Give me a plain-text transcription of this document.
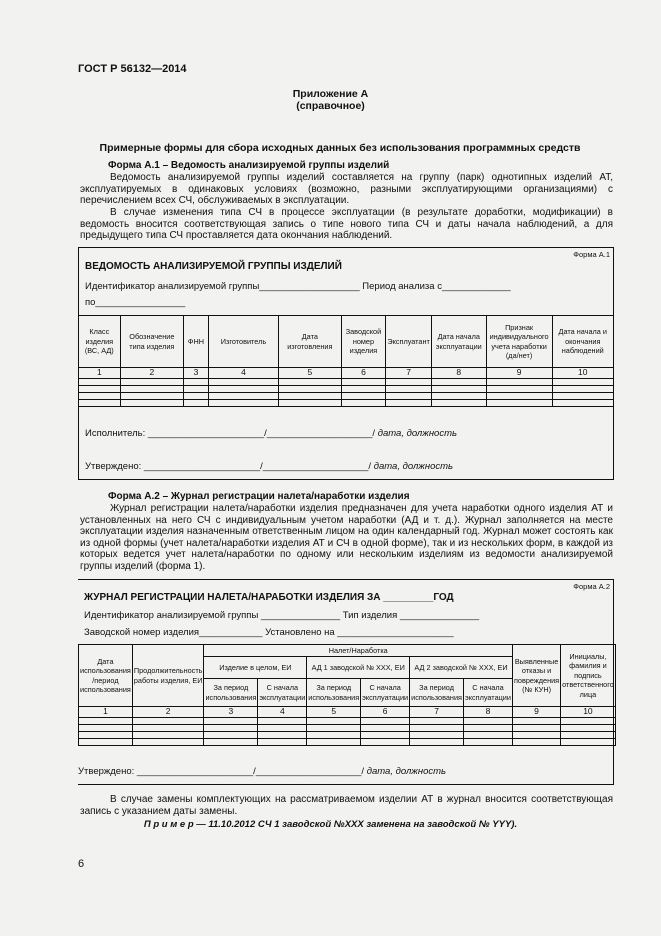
ГОСТ Р 56132—2014
Приложение А
(справочное)
Примерные формы для сбора исходных данных без использования программных средств
Форма А.1 – Ведомость анализируемой группы изделий
Ведомость анализируемой группы изделий составляется на группу (парк) однотипных изделий АТ, эксплуатируемых в одинаковых условиях (возможно, разными эксплуатирующими организациями) с перечислением всех СЧ, обслуживаемых в эксплуатации.
В случае изменения типа СЧ в процессе эксплуатации (в результате доработки, модификации) в ведомость вносится соответствующая запись о типе нового типа СЧ и даты начала наблюдений, а для предыдущего типа СЧ проставляется дата окончания наблюдений.
Форма А.1
ВЕДОМОСТЬ АНАЛИЗИРУЕМОЙ ГРУППЫ ИЗДЕЛИЙ
Идентификатор анализируемой группы___________________ Период анализа с_____________
по_________________
Класс изделия (ВС, АД)	Обозначение типа изделия	ФНН	Изготовитель	Дата изготовления	Заводской номер изделия	Эксплуатант	Дата начала эксплуатации	Признак индивидуального учета наработки (да/нет)	Дата начала и окончания наблюдений
1	2	3	4	5	6	7	8	9	10

Исполнитель: ______________________/____________________/ дата, должность
Утверждено: ______________________/____________________/ дата, должность
Форма А.2 – Журнал регистрации налета/наработки изделия
Журнал регистрации налета/наработки изделия предназначен для учета наработки одного изделия АТ и установленных на него СЧ с индивидуальным учетом наработки (АД и т. д.). Журнал заполняется на месте эксплуатации изделия назначенным ответственным лицом на один календарный год. Журнал может состоять как из одной формы (учет налета/наработки изделия АТ и СЧ в одной форме), так и из нескольких форм, в каждой из которых ведется учет налета/наработки по одному или нескольким изделиям из ведомости анализируемой группы изделий (форма 1).
Форма А.2
ЖУРНАЛ РЕГИСТРАЦИИ НАЛЕТА/НАРАБОТКИ ИЗДЕЛИЯ ЗА _________ГОД
Идентификатор анализируемой группы _______________ Тип изделия _______________
Заводской номер изделия____________ Установлено на ______________________
Дата использования /период использования	Продолжительность работы изделия, ЕИ	Налет/Наработка						Выявленные отказы и повреждения (№ КУН)	Инициалы, фамилия и подпись ответственного лица
		Изделие в целом, ЕИ		АД 1 заводской № ХХХ, ЕИ		АД 2 заводской № ХХХ, ЕИ			
		За период использования	С начала эксплуатации	За период использования	С начала эксплуатации	За период использования	С начала эксплуатации		
1	2	3	4	5	6	7	8	9	10

Утверждено: ______________________/____________________/ дата, должность
В случае замены комплектующих на рассматриваемом изделии АТ в журнал вносится соответствующая запись с указанием даты замены.
П р и м е р — 11.10.2012 СЧ 1 заводской №ХХХ заменена на заводской № YYY).
6
